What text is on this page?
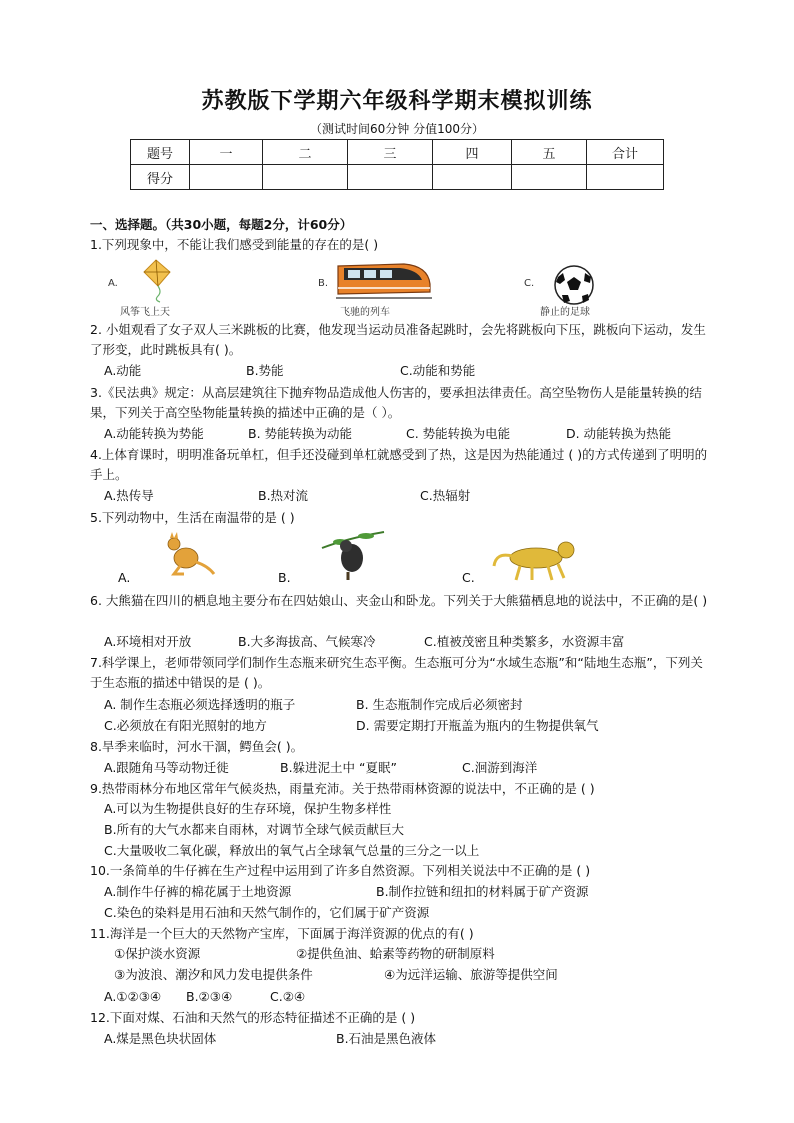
苏教版下学期六年级科学期末模拟训练
（测试时间60分钟 分值100分）
题号	一	二	三	四	五	合计
得分						
一、选择题。（共30小题，每题2分，计60分）
1.下列现象中，不能让我们感受到能量的存在的是( )
A.
风筝飞上天
B.
飞驰的列车
C.
静止的足球
2. 小姐观看了女子双人三米跳板的比赛，他发现当运动员准备起跳时，会先将跳板向下压，跳板向下运动，发生了形变，此时跳板具有( )。
A.动能	B.势能	C.动能和势能
3.《民法典》规定：从高层建筑往下抛弃物品造成他人伤害的，要承担法律责任。高空坠物伤人是能量转换的结果，下列关于高空坠物能量转换的描述中正确的是（ ）。
A.动能转换为势能	B. 势能转换为动能	C. 势能转换为电能	D. 动能转换为热能
4.上体育课时，明明准备玩单杠，但手还没碰到单杠就感受到了热，这是因为热能通过 ( )的方式传递到了明明的手上。
A.热传导	B.热对流	C.热辐射
5.下列动物中，生活在南温带的是 ( )
A.	B.	C.
6. 大熊猫在四川的栖息地主要分布在四姑娘山、夹金山和卧龙。下列关于大熊猫栖息地的说法中，不正确的是( )
A.环境相对开放	B.大多海拔高、气候寒冷	C.植被茂密且种类繁多，水资源丰富
7.科学课上，老师带领同学们制作生态瓶来研究生态平衡。生态瓶可分为“水域生态瓶”和“陆地生态瓶”，下列关于生态瓶的描述中错误的是 ( )。
A. 制作生态瓶必须选择透明的瓶子	B. 生态瓶制作完成后必须密封
C.必须放在有阳光照射的地方	D. 需要定期打开瓶盖为瓶内的生物提供氧气
8.旱季来临时，河水干涸，鳄鱼会( )。
A.跟随角马等动物迁徙	B.躲进泥土中 “夏眠”	C.洄游到海洋
9.热带雨林分布地区常年气候炎热，雨量充沛。关于热带雨林资源的说法中，不正确的是 ( )
A.可以为生物提供良好的生存环境，保护生物多样性
B.所有的大气水都来自雨林，对调节全球气候贡献巨大
C.大量吸收二氧化碳，释放出的氧气占全球氧气总量的三分之一以上
10.一条简单的牛仔裤在生产过程中运用到了许多自然资源。下列相关说法中不正确的是 ( )
A.制作牛仔裤的棉花属于土地资源	B.制作拉链和纽扣的材料属于矿产资源
C.染色的染料是用石油和天然气制作的，它们属于矿产资源
11.海洋是一个巨大的天然物产宝库，下面属于海洋资源的优点的有( )
①保护淡水资源	②提供鱼油、蛤素等药物的研制原料
③为波浪、潮汐和风力发电提供条件	④为远洋运输、旅游等提供空间
A.①②③④ B.②③④	C.②④
12.下面对煤、石油和天然气的形态特征描述不正确的是 ( )
A.煤是黑色块状固体	B.石油是黑色液体
